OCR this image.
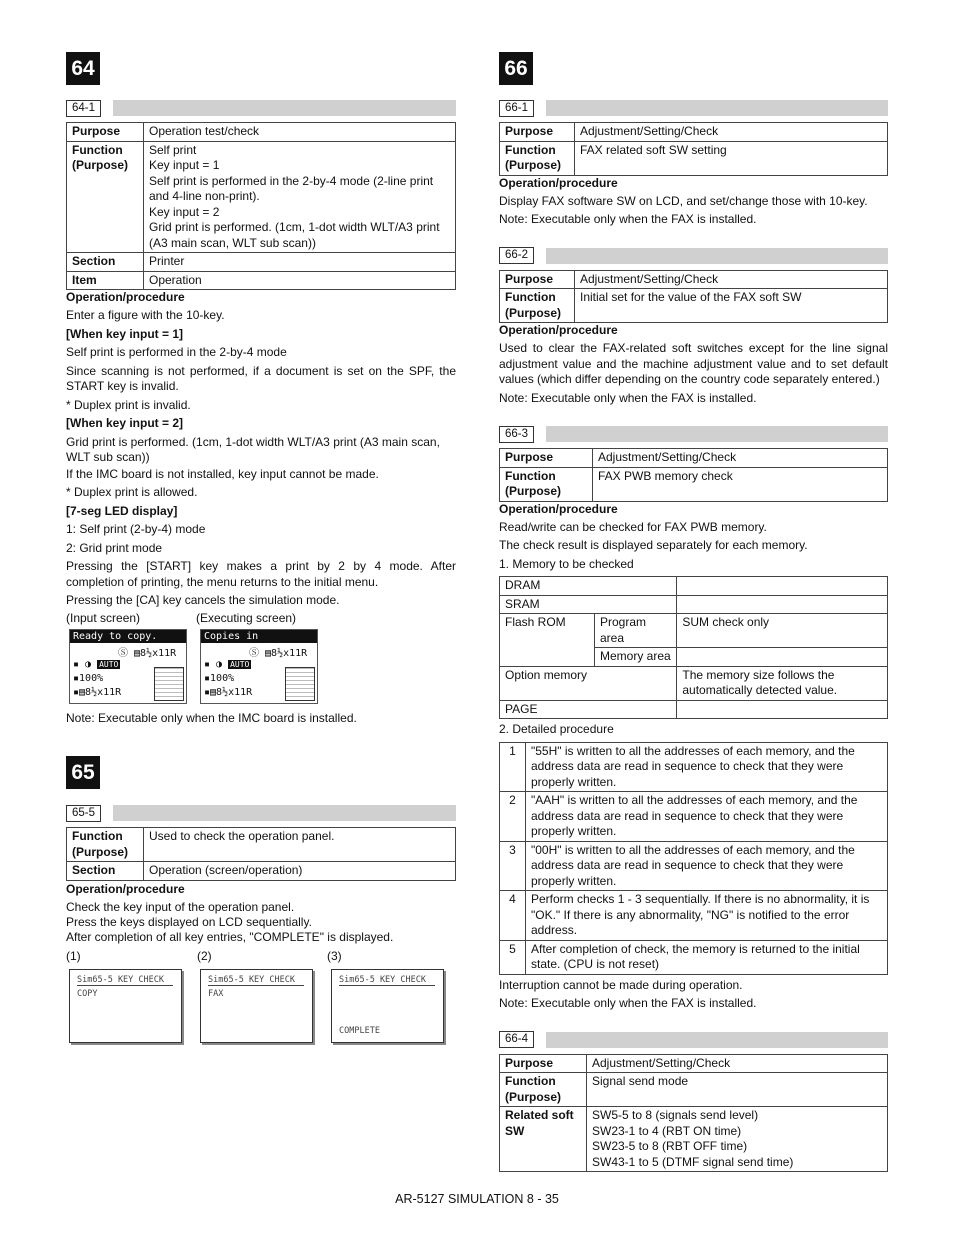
64
64-1
Purpose	Operation test/check
Function (Purpose)	Self print
Key input = 1
Self print is performed in the 2-by-4 mode (2-line print and 4-line non-print).
Key input = 2
Grid print is performed. (1cm, 1-dot width WLT/A3 print (A3 main scan, WLT sub scan))

Section	Printer
Item	Operation
Operation/procedure
Enter a figure with the 10-key.
[When key input = 1]
Self print is performed in the 2-by-4 mode
Since scanning is not performed, if a document is set on the SPF, the START key is invalid.
* Duplex print is invalid.
[When key input = 2]
Grid print is performed. (1cm, 1-dot width WLT/A3 print (A3 main scan, WLT sub scan))
If the IMC board is not installed, key input cannot be made.
* Duplex print is allowed.
[7-seg LED display]
1: Self print (2-by-4) mode
2: Grid print mode
Pressing the [START] key makes a print by 2 by 4 mode. After completion of printing, the menu returns to the initial menu.
Pressing the [CA] key cancels the simulation mode.
(Input screen)	(Executing screen)
Ready to copy.
Ⓢ ▤8½x11R
▪ ◑ AUTO
▪100%
▪▤8½x11R
Copies in progress.
Ⓢ ▤8½x11R
▪ ◑ AUTO
▪100%
▪▤8½x11R
Note: Executable only when the IMC board is installed.
65
65-5
Function (Purpose)	Used to check the operation panel.
Section	Operation (screen/operation)
Operation/procedure
Check the key input of the operation panel.
Press the keys displayed on LCD sequentially.
After completion of all key entries, "COMPLETE" is displayed.
(1)	(2)	(3)
Sim65-5 KEY CHECK
COPY
Sim65-5 KEY CHECK
FAX
Sim65-5 KEY CHECK
COMPLETE
66
66-1
Purpose	Adjustment/Setting/Check
Function (Purpose)	FAX related soft SW setting
Operation/procedure
Display FAX software SW on LCD, and set/change those with 10-key.
Note: Executable only when the FAX is installed.
66-2
Purpose	Adjustment/Setting/Check
Function (Purpose)	Initial set for the value of the FAX soft SW
Operation/procedure
Used to clear the FAX-related soft switches except for the line signal adjustment value and the machine adjustment value and to set default values (which differ depending on the country code separately entered.)
Note: Executable only when the FAX is installed.
66-3
Purpose	Adjustment/Setting/Check
Function (Purpose)	FAX PWB memory check
Operation/procedure
Read/write can be checked for FAX PWB memory.
The check result is displayed separately for each memory.
1. Memory to be checked
DRAM		
SRAM		
Flash ROM	Program area	SUM check only
	Memory area	
Option memory		The memory size follows the automatically detected value.
PAGE		
2. Detailed procedure
1	"55H" is written to all the addresses of each memory, and the address data are read in sequence to check that they were properly written.
2	"AAH" is written to all the addresses of each memory, and the address data are read in sequence to check that they were properly written.
3	"00H" is written to all the addresses of each memory, and the address data are read in sequence to check that they were properly written.
4	Perform checks 1 - 3 sequentially. If there is no abnormality, it is "OK." If there is any abnormality, "NG" is notified to the error address.
5	After completion of check, the memory is returned to the initial state. (CPU is not reset)
Interruption cannot be made during operation.
Note: Executable only when the FAX is installed.
66-4
Purpose	Adjustment/Setting/Check
Function (Purpose)	Signal send mode
Related soft SW	SW5-5 to 8 (signals send level)
SW23-1 to 4 (RBT ON time)
SW23-5 to 8 (RBT OFF time)
SW43-1 to 5 (DTMF signal send time)
AR-5127 SIMULATION 8 - 35
